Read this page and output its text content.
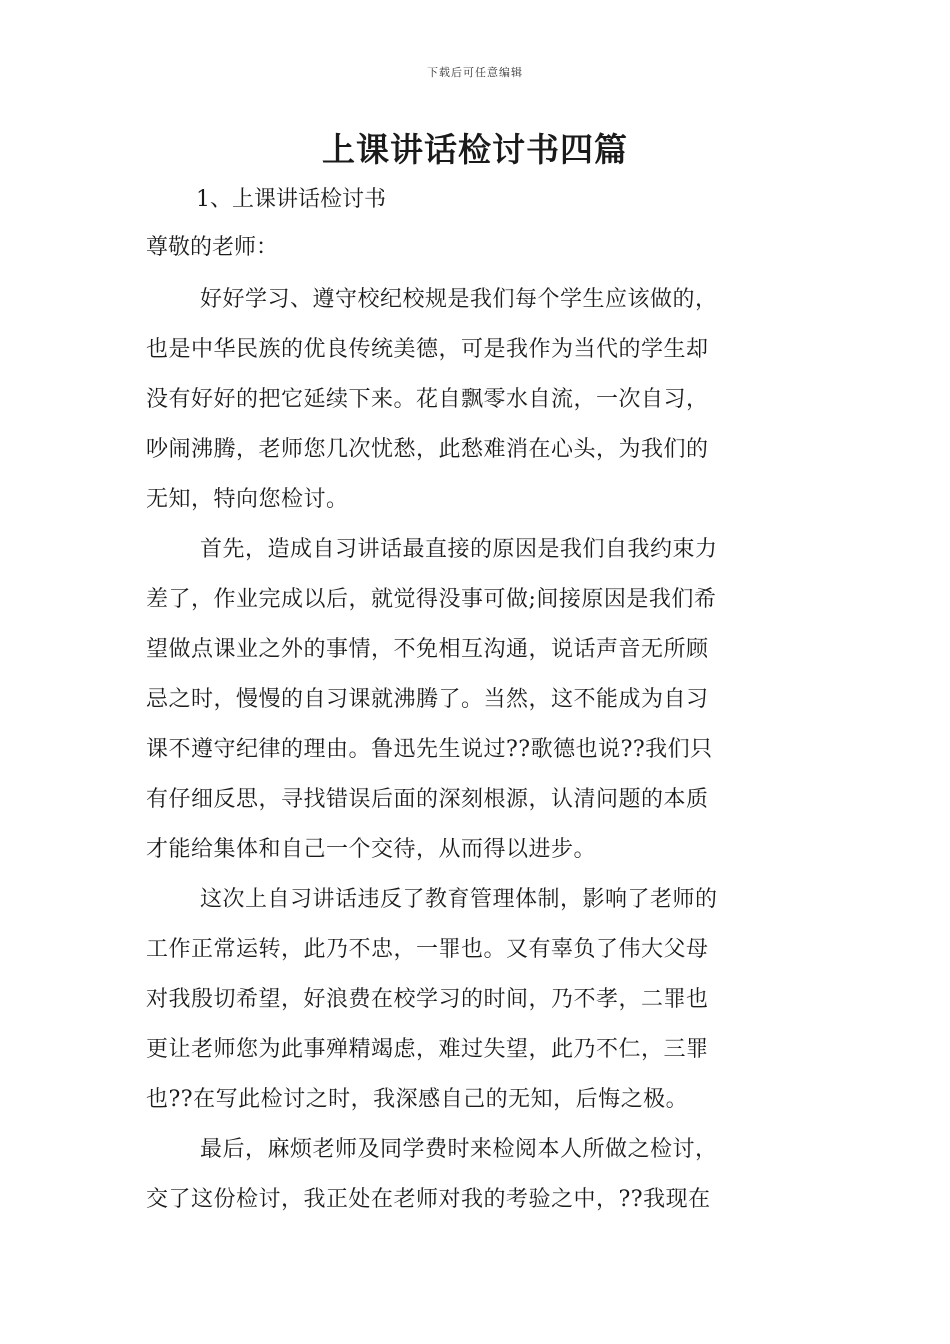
下载后可任意编辑
上课讲话检讨书四篇
1、上课讲话检讨书
尊敬的老师：
好好学习、遵守校纪校规是我们每个学生应该做的，
也是中华民族的优良传统美德，可是我作为当代的学生却
没有好好的把它延续下来。花自飘零水自流，一次自习，
吵闹沸腾，老师您几次忧愁，此愁难消在心头，为我们的
无知，特向您检讨。
首先，造成自习讲话最直接的原因是我们自我约束力
差了，作业完成以后，就觉得没事可做;间接原因是我们希
望做点课业之外的事情，不免相互沟通，说话声音无所顾
忌之时，慢慢的自习课就沸腾了。当然，这不能成为自习
课不遵守纪律的理由。鲁迅先生说过??歌德也说??我们只
有仔细反思，寻找错误后面的深刻根源，认清问题的本质
才能给集体和自己一个交待，从而得以进步。
这次上自习讲话违反了教育管理体制，影响了老师的
工作正常运转，此乃不忠，一罪也。又有辜负了伟大父母
对我殷切希望，好浪费在校学习的时间，乃不孝，二罪也
更让老师您为此事殚精竭虑，难过失望，此乃不仁，三罪
也??在写此检讨之时，我深感自己的无知，后悔之极。
最后，麻烦老师及同学费时来检阅本人所做之检讨，
交了这份检讨，我正处在老师对我的考验之中，??我现在
